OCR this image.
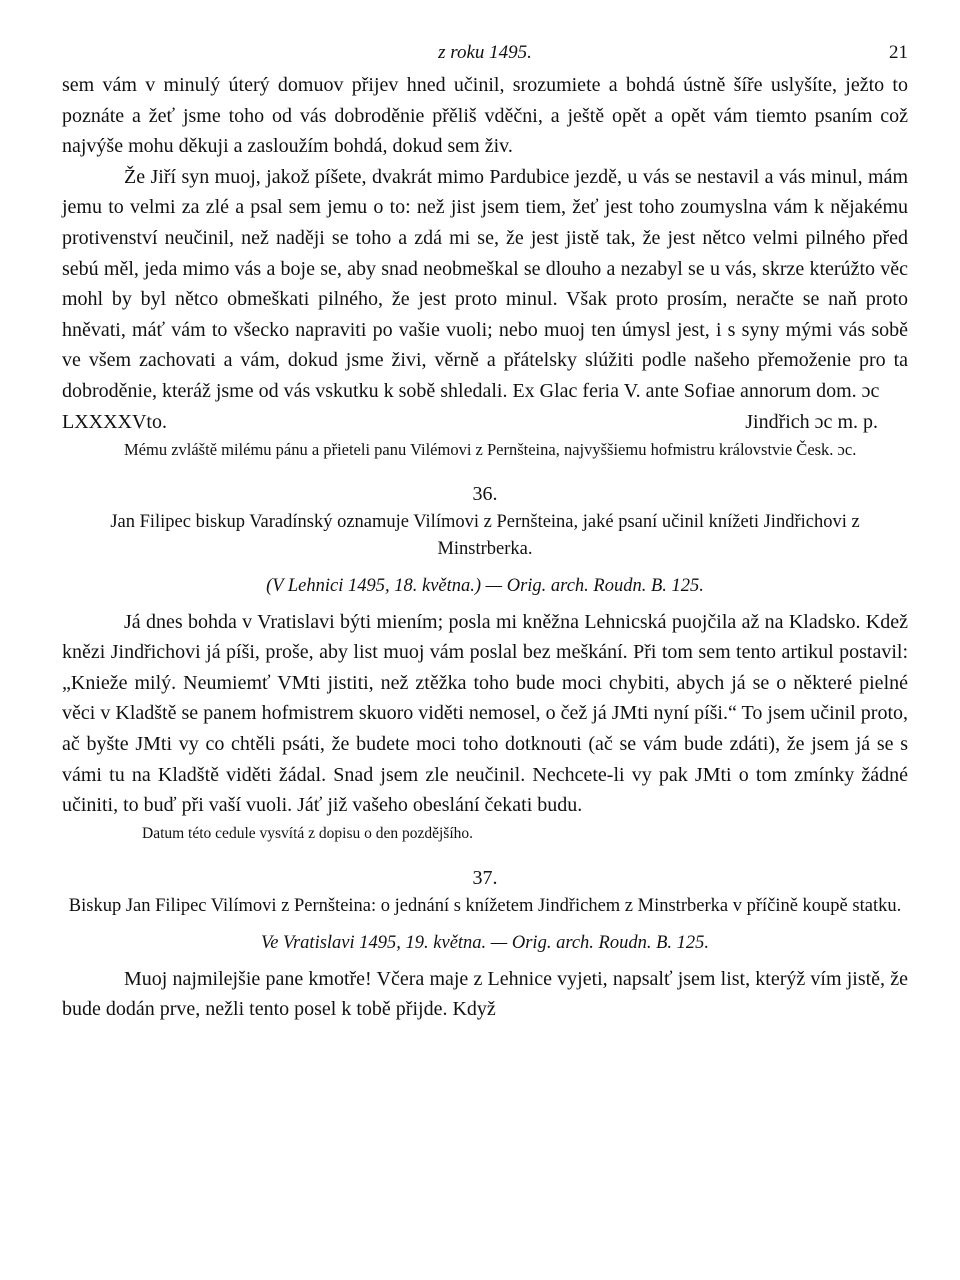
z roku 1495.	21

sem vám v minulý úterý domuov přijev hned učinil, srozumiete a bohdá ústně šíře uslyšíte, ježto to poznáte a žeť jsme toho od vás dobroděnie přěliš vděčni, a ještě opět a opět vám tiemto psaním což najvýše mohu děkuji a zasloužím bohdá, dokud sem živ.

Že Jiří syn muoj, jakož píšete, dvakrát mimo Pardubice jezdě, u vás se nestavil a vás minul, mám jemu to velmi za zlé a psal sem jemu o to: než jist jsem tiem, žeť jest toho zoumyslna vám k nějakému protivenství neučinil, než naději se toho a zdá mi se, že jest jistě tak, že jest nětco velmi pilného před sebú měl, jeda mimo vás a boje se, aby snad neobmeškal se dlouho a nezabyl se u vás, skrze kterúžto věc mohl by byl nětco obmeškati pilného, že jest proto minul. Však proto prosím, neračte se naň proto hněvati, máť vám to všecko napraviti po vašie vuoli; nebo muoj ten úmysl jest, i s syny mými vás sobě ve všem zachovati a vám, dokud jsme živi, věrně a přátelsky slúžiti podle našeho přemoženie pro ta dobroděnie, kteráž jsme od vás vskutku k sobě shledali. Ex Glac feria V. ante Sofiae annorum dom. ɔc

LXXXXVto.	Jindřich ɔc m. p.

Mému zvláště milému pánu a přieteli panu Vilémovi z Pernšteina, najvyššiemu hofmistru královstvie Česk. ɔc.

36.

Jan Filipec biskup Varadínský oznamuje Vilímovi z Pernšteina, jaké psaní učinil knížeti Jindřichovi z Minstrberka.

(V Lehnici 1495, 18. května.) — Orig. arch. Roudn. B. 125.

Já dnes bohda v Vratislavi býti miením; posla mi kněžna Lehnicská puojčila až na Kladsko. Kdež knězi Jindřichovi já píši, proše, aby list muoj vám poslal bez meškání. Při tom sem tento artikul postavil: „Knieže milý. Neumiemť VMti jistiti, než ztěžka toho bude moci chybiti, abych já se o některé pielné věci v Kladště se panem hofmistrem skuoro viděti nemosel, o čež já JMti nyní píši.“ To jsem učinil proto, ač byšte JMti vy co chtěli psáti, že budete moci toho dotknouti (ač se vám bude zdáti), že jsem já se s vámi tu na Kladště viděti žádal. Snad jsem zle neučinil. Nechcete-li vy pak JMti o tom zmínky žádné učiniti, to buď při vaší vuoli. Jáť již vašeho obeslání čekati budu.

Datum této cedule vysvítá z dopisu o den pozdějšího.

37.

Biskup Jan Filipec Vilímovi z Pernšteina: o jednání s knížetem Jindřichem z Minstrberka v příčině koupě statku.

Ve Vratislavi 1495, 19. května. — Orig. arch. Roudn. B. 125.

Muoj najmilejšie pane kmotře! Včera maje z Lehnice vyjeti, napsalť jsem list, kterýž vím jistě, že bude dodán prve, nežli tento posel k tobě přijde. Když
